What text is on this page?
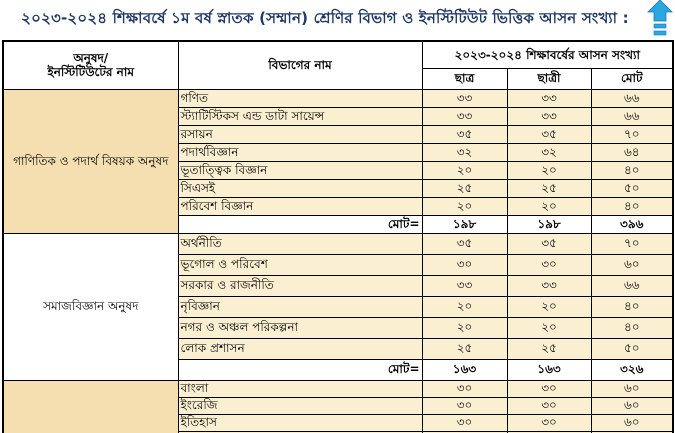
২০২৩-২০২৪ শিক্ষাবর্ষে ১ম বর্ষ স্নাতক (সম্মান) শ্রেণির বিভাগ ও ইনস্টিটিউট ভিত্তিক আসন সংখ্যা :
অনুষদ/
ইনস্টিটিউটের নাম	বিভাগের নাম	২০২৩-২০২৪ শিক্ষাবর্ষের আসন সংখ্যা		
		ছাত্র	ছাত্রী	মোট
গাণিতিক ও পদার্থ বিষয়ক অনুষদ	গণিত	৩৩	৩৩	৬৬
	স্ট্যাটিস্টিকস এন্ড ডাটা সায়েন্স	৩৩	৩৩	৬৬
	রসায়ন	৩৫	৩৫	৭০
	পদার্থবিজ্ঞান	৩২	৩২	৬৪
	ভূতাত্ত্বিক বিজ্ঞান	২০	২০	৪০
	সিএসই	২৫	২৫	৫০
	পরিবেশ বিজ্ঞান	২০	২০	৪০
	মোট=	১৯৮	১৯৮	৩৯৬
সমাজবিজ্ঞান অনুষদ	অর্থনীতি	৩৫	৩৫	৭০
	ভূগোল ও পরিবেশ	৩০	৩০	৬০
	সরকার ও রাজনীতি	৩৩	৩৩	৬৬
	নৃবিজ্ঞান	২০	২০	৪০
	নগর ও অঞ্চল পরিকল্পনা	২০	২০	৪০
	লোক প্রশাসন	২৫	২৫	৫০
	মোট=	১৬৩	১৬৩	৩২৬
	বাংলা	৩০	৩০	৬০
	ইংরেজি	৩০	৩০	৬০
	ইতিহাস	৩০	৩০	৬০
